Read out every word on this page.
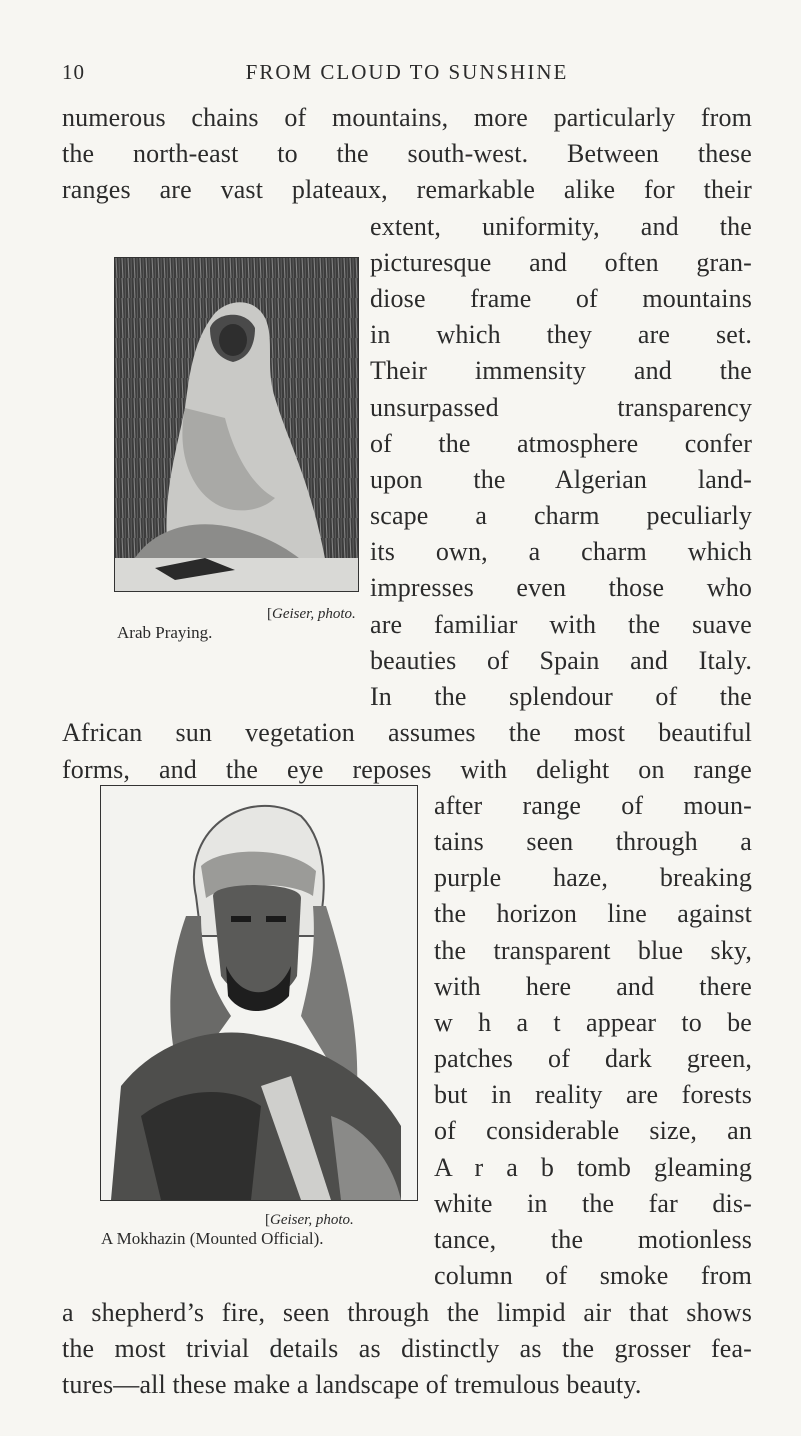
10	FROM CLOUD TO SUNSHINE
numerous chains of mountains, more particularly from
the north-east to the south-west. Between these
ranges are vast plateaux, remarkable alike for their
extent, uniformity, and the
picturesque and often gran-
diose frame of mountains
in which they are set.
Their immensity and the
unsurpassed transparency
of the atmosphere confer
upon the Algerian land-
scape a charm peculiarly
its own, a charm which
impresses even those who
are familiar with the suave
beauties of Spain and Italy.
In the splendour of the
[Geiser, photo.
Arab Praying.
African sun vegetation assumes the most beautiful
forms, and the eye reposes with delight on range
after range of moun-
tains seen through a
purple haze, breaking
the horizon line against
the transparent blue sky,
with here and there
w h a t appear to be
patches of dark green,
but in reality are forests
of considerable size, an
A r a b tomb gleaming
white in the far dis-
tance, the motionless
column of smoke from
[Geiser, photo.
A Mokhazin (Mounted Official).
a shepherd’s fire, seen through the limpid air that shows
the most trivial details as distinctly as the grosser fea-
tures—all these make a landscape of tremulous beauty.
